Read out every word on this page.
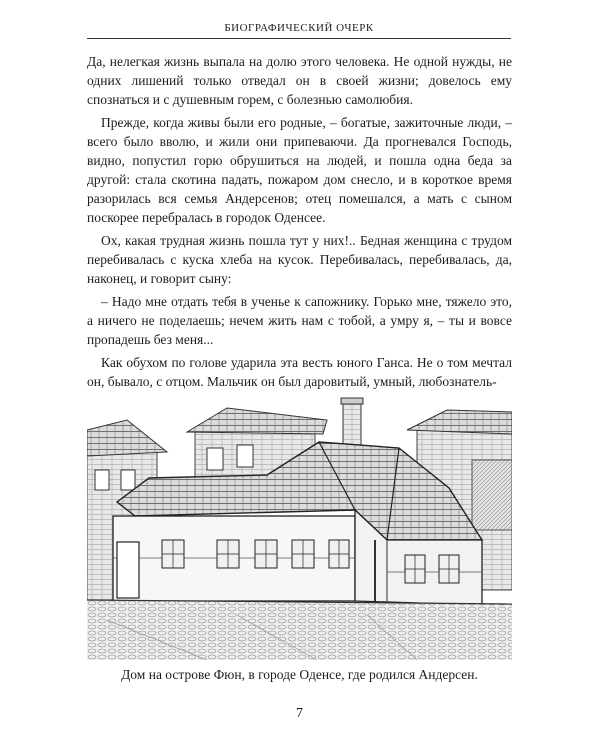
БИОГРАФИЧЕСКИЙ ОЧЕРК

Да, нелегкая жизнь выпала на долю этого человека. Не одной нужды, не одних лишений только отведал он в своей жизни; довелось ему спознаться и с душевным горем, с болезнью самолюбия.

Прежде, когда живы были его родные, – богатые, зажиточные люди, – всего было вволю, и жили они припеваючи. Да прогневался Господь, видно, попустил горю обрушиться на людей, и пошла одна беда за другой: стала скотина падать, пожаром дом снесло, и в короткое время разорилась вся семья Андерсенов; отец помешался, а мать с сыном поскорее перебралась в городок Оденсее.

Ох, какая трудная жизнь пошла тут у них!.. Бедная женщина с трудом перебивалась с куска хлеба на кусок. Перебивалась, перебивалась, да, наконец, и говорит сыну:

– Надо мне отдать тебя в ученье к сапожнику. Горько мне, тяжело это, а ничего не поделаешь; нечем жить нам с тобой, а умру я, – ты и вовсе пропадешь без меня...

Как обухом по голове ударила эта весть юного Ганса. Не о том мечтал он, бывало, с отцом. Мальчик он был даровитый, умный, любознатель-

Дом на острове Фюн, в городе Оденсе, где родился Андерсен.
7
